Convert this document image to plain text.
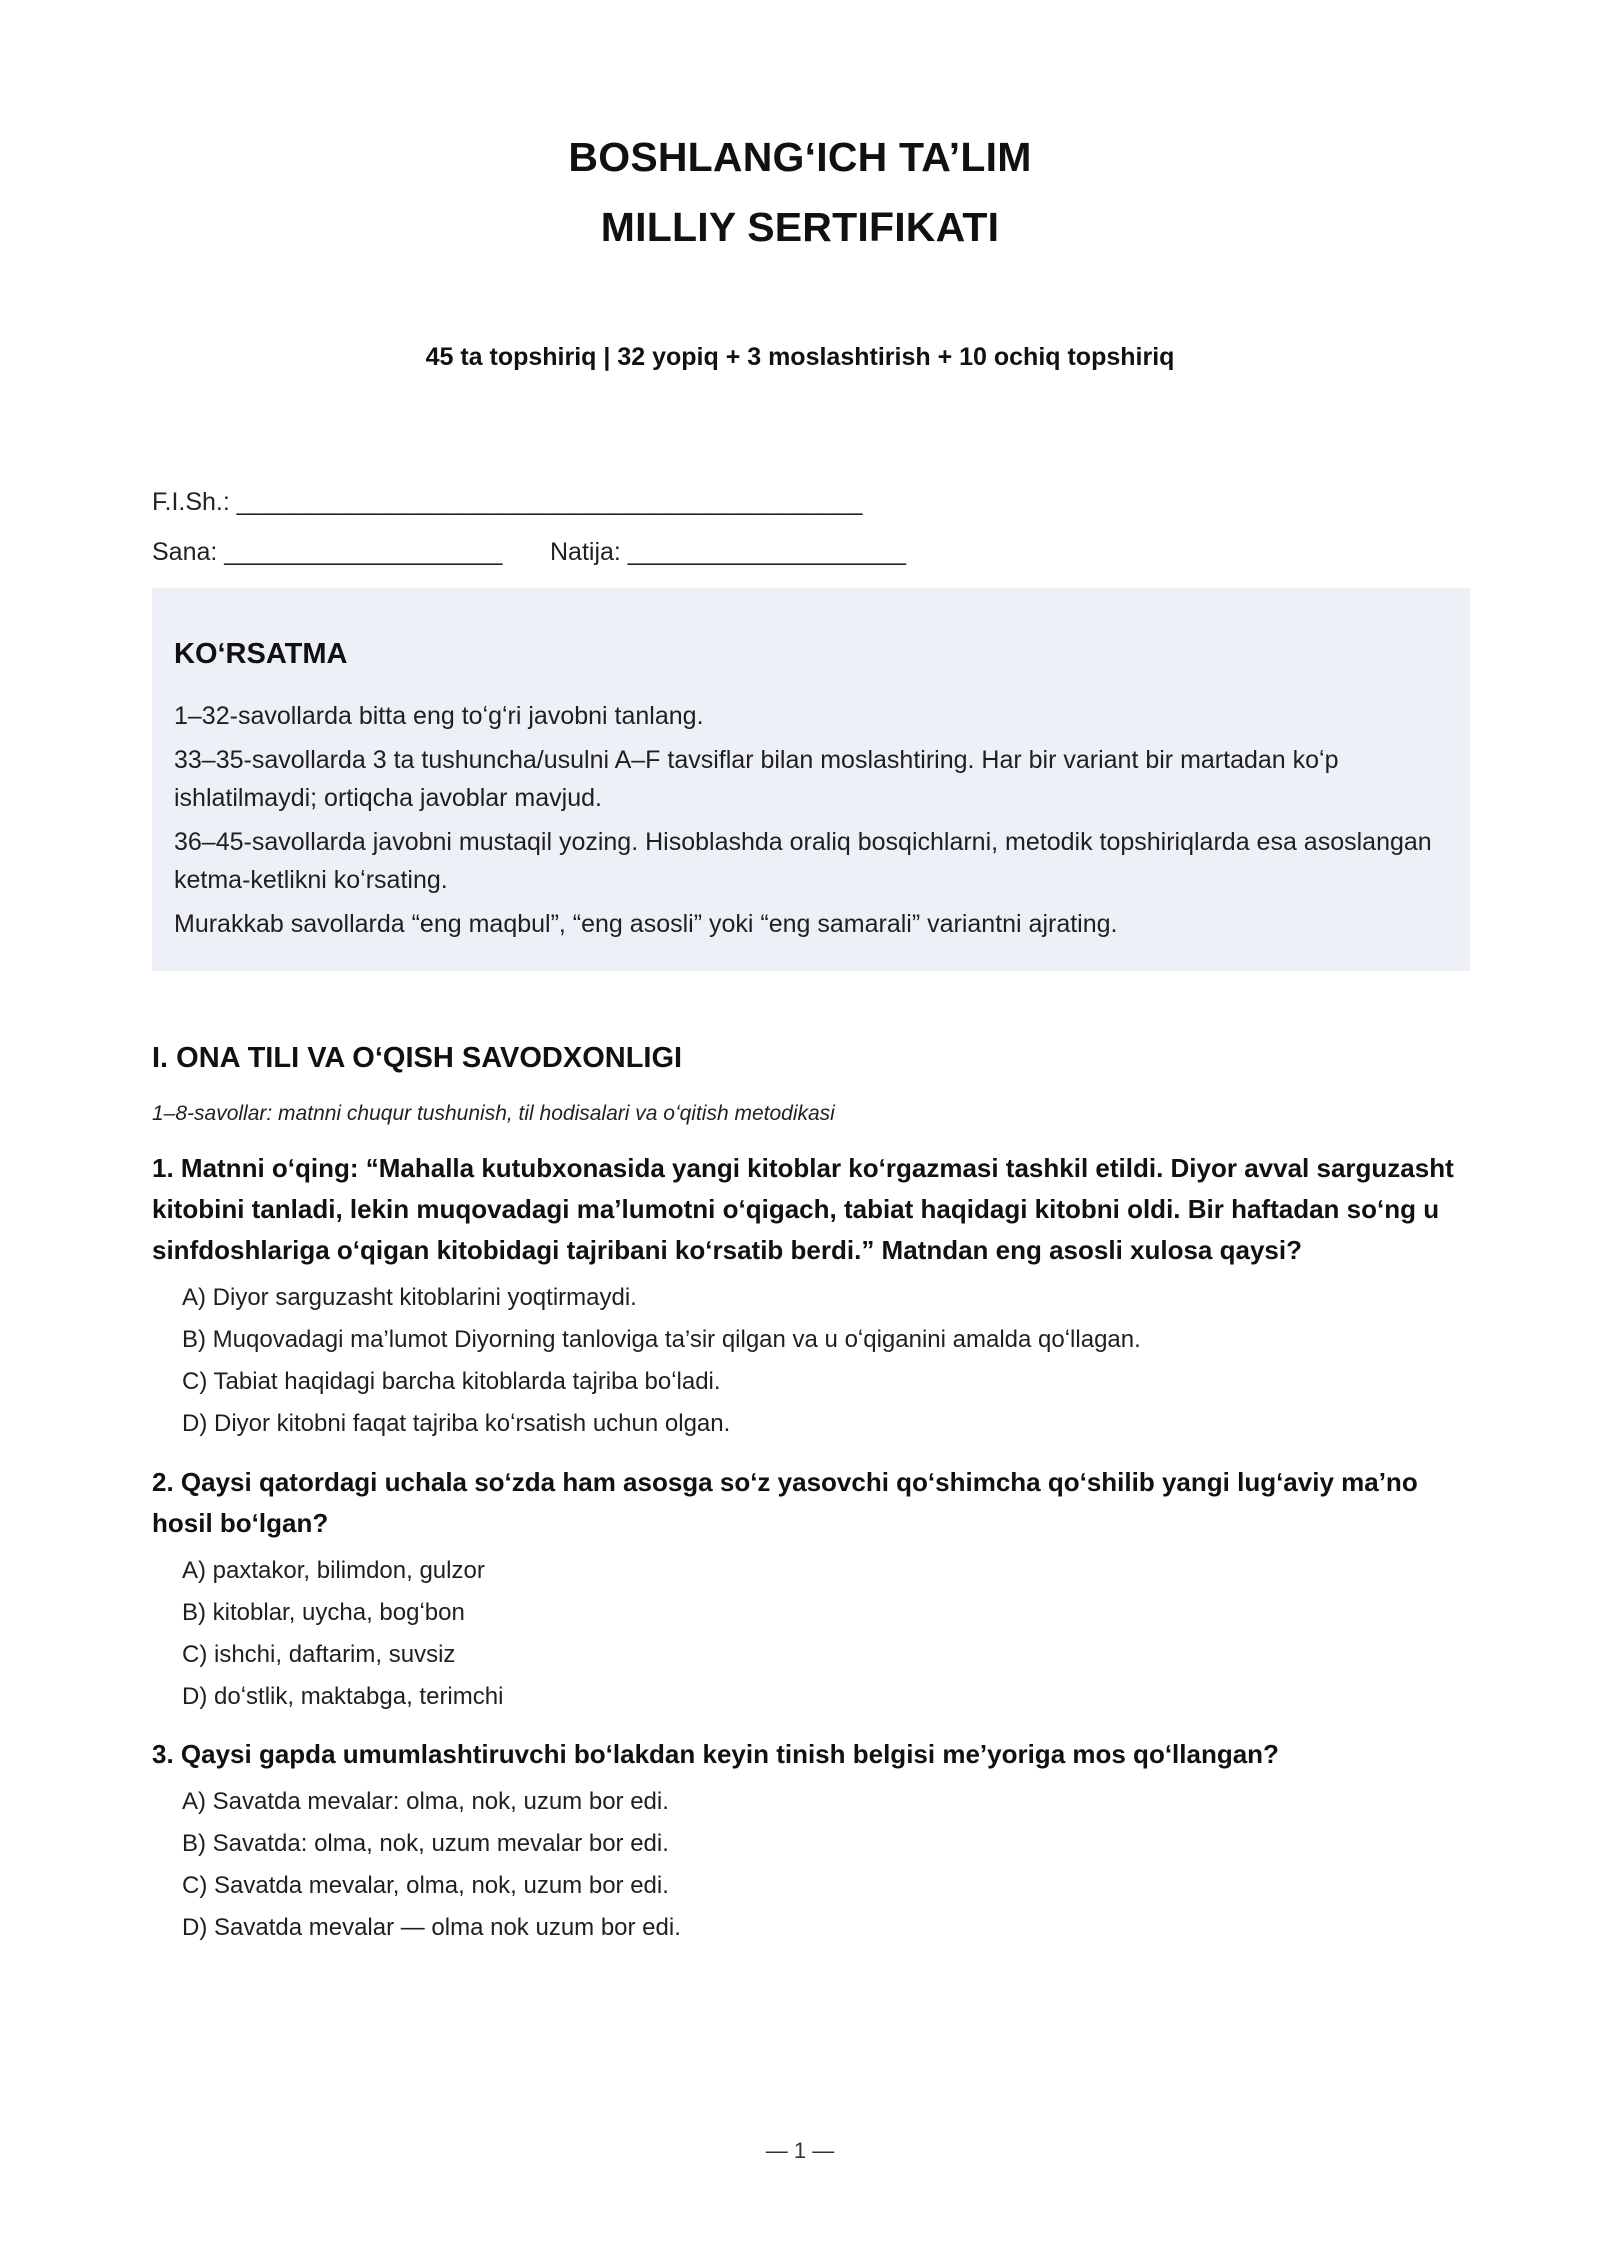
BOSHLANGʻICH TA’LIM
MILLIY SERTIFIKATI
45 ta topshiriq | 32 yopiq + 3 moslashtirish + 10 ochiq topshiriq
F.I.Sh.: _____________________________________________
Sana: ____________________ Natija: ____________________
KOʻRSATMA

1–32-savollarda bitta eng toʻgʻri javobni tanlang.

33–35-savollarda 3 ta tushuncha/usulni A–F tavsiflar bilan moslashtiring. Har bir variant bir martadan koʻp ishlatilmaydi; ortiqcha javoblar mavjud.

36–45-savollarda javobni mustaqil yozing. Hisoblashda oraliq bosqichlarni, metodik topshiriqlarda esa asoslangan ketma-ketlikni koʻrsating.

Murakkab savollarda “eng maqbul”, “eng asosli” yoki “eng samarali” variantni ajrating.

I. ONA TILI VA OʻQISH SAVODXONLIGI
1–8-savollar: matnni chuqur tushunish, til hodisalari va oʻqitish metodikasi

1. Matnni oʻqing: “Mahalla kutubxonasida yangi kitoblar koʻrgazmasi tashkil etildi. Diyor avval sarguzasht kitobini tanladi, lekin muqovadagi ma’lumotni oʻqigach, tabiat haqidagi kitobni oldi. Bir haftadan soʻng u sinfdoshlariga oʻqigan kitobidagi tajribani koʻrsatib berdi.” Matndan eng asosli xulosa qaysi?

A) Diyor sarguzasht kitoblarini yoqtirmaydi.
B) Muqovadagi ma’lumot Diyorning tanloviga ta’sir qilgan va u oʻqiganini amalda qoʻllagan.
C) Tabiat haqidagi barcha kitoblarda tajriba boʻladi.
D) Diyor kitobni faqat tajriba koʻrsatish uchun olgan.

2. Qaysi qatordagi uchala soʻzda ham asosga soʻz yasovchi qoʻshimcha qoʻshilib yangi lugʻaviy ma’no hosil boʻlgan?

A) paxtakor, bilimdon, gulzor
B) kitoblar, uycha, bogʻbon
C) ishchi, daftarim, suvsiz
D) doʻstlik, maktabga, terimchi

3. Qaysi gapda umumlashtiruvchi boʻlakdan keyin tinish belgisi me’yoriga mos qoʻllangan?

A) Savatda mevalar: olma, nok, uzum bor edi.
B) Savatda: olma, nok, uzum mevalar bor edi.
C) Savatda mevalar, olma, nok, uzum bor edi.
D) Savatda mevalar — olma nok uzum bor edi.
— 1 —
